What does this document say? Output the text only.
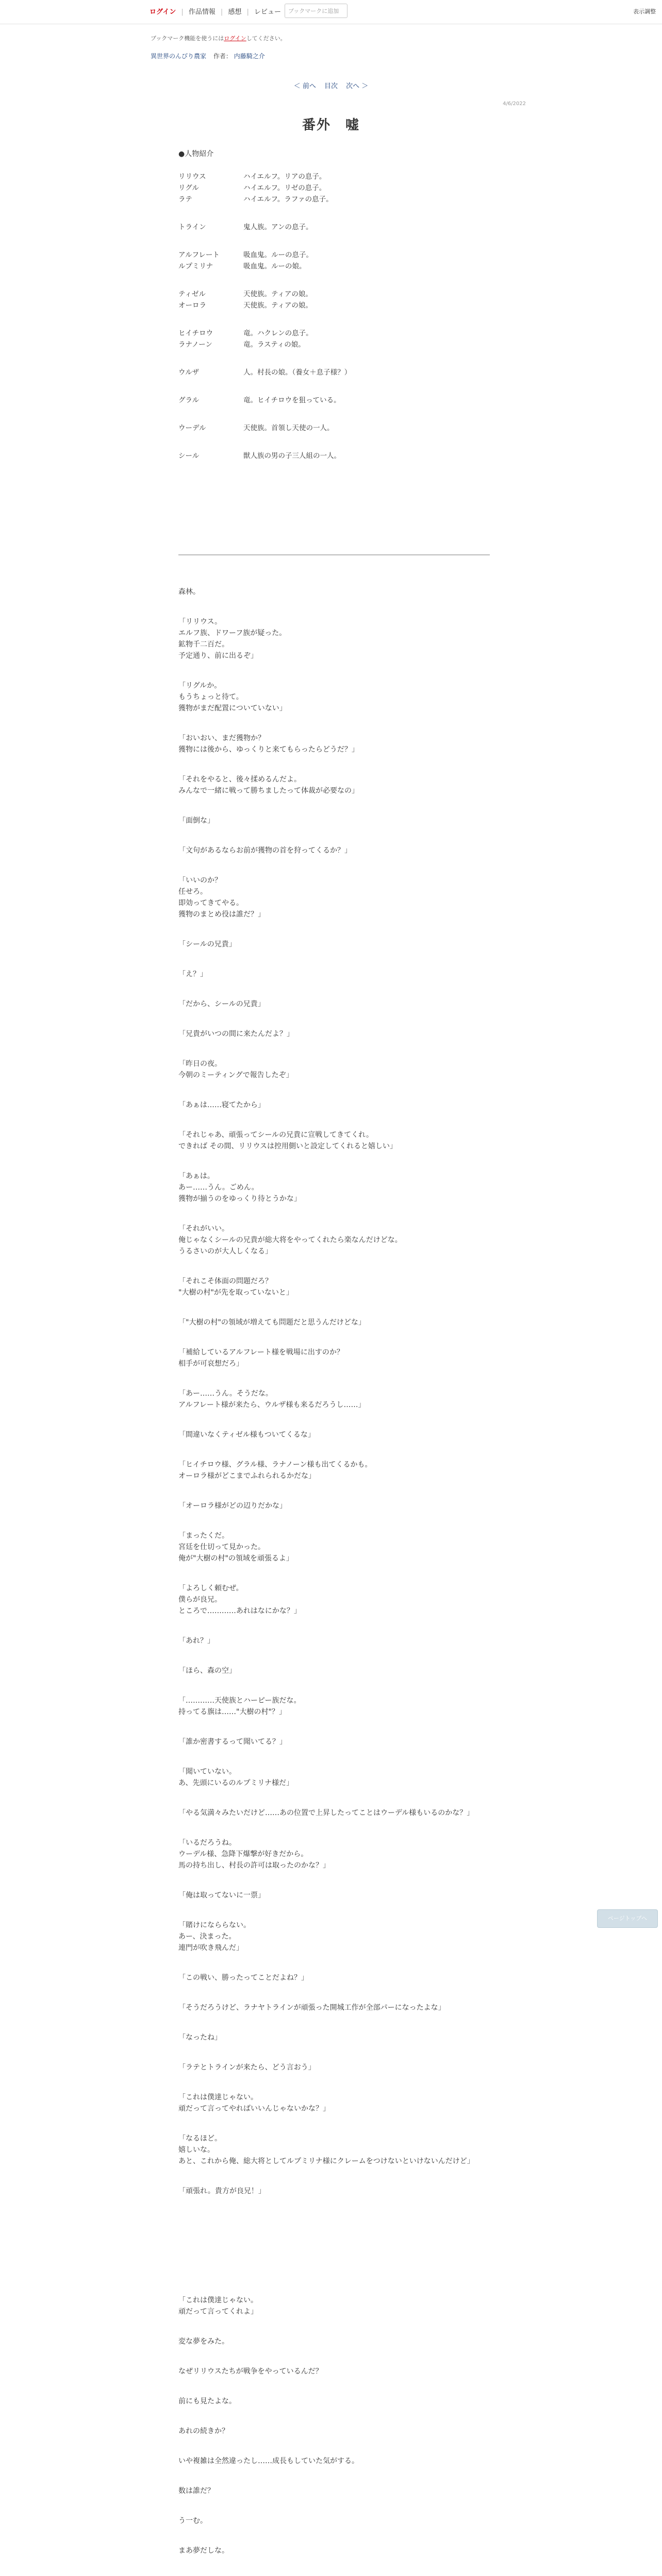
ログイン | 作品情報 | 感想 | レビュー	ブックマークに追加	表示調整
ブックマーク機能を使うにはログインしてください。
異世界のんびり農家 作者： 内藤騎之介
＜ 前へ 目次 次へ ＞
4/6/2022
番外　嘘
●人物紹介
リリウス	ハイエルフ。リアの息子。
リグル	ハイエルフ。リゼの息子。
ラテ	ハイエルフ。ラファの息子。
トライン	鬼人族。アンの息子。
アルフレート	吸血鬼。ルーの息子。
ルプミリナ	吸血鬼。ルーの娘。
ティゼル	天使族。ティアの娘。
オーロラ	天使族。ティアの娘。
ヒイチロウ	竜。ハクレンの息子。
ラナノーン	竜。ラスティの娘。
ウルザ	人。村長の娘。（養女＋息子様？）
グラル	竜。ヒイチロウを狙っている。
ウーデル	天使族。首領し天使の一人。
シール	獣人族の男の子三人組の一人。
森林。
「リリウス。
エルフ族、ドワーフ族が疑った。
鉱物千二百だ。
予定通り、前に出るぞ」
「リグルか。
もうちょっと待て。
獲物がまだ配置についていない」
「おいおい、まだ獲物か？
獲物には後から、ゆっくりと来てもらったらどうだ？」
「それをやると、後々揉めるんだよ。
みんなで一緒に戦って勝ちましたって体裁が必要なの」
「面倒な」
「文句があるならお前が獲物の首を狩ってくるか？」
「いいのか？
任せろ。
即効ってきてやる。
獲物のまとめ役は誰だ？」
「シールの兄貴」
「え？」
「だから、シールの兄貴」
「兄貴がいつの間に来たんだよ？」
「昨日の夜。
今朝のミーティングで報告したぞ」
「あぁは……寝てたから」
「それじゃあ、頑張ってシールの兄貴に宣戦してきてくれ。
できれば その間、リリウスは控用側いと設定してくれると嬉しい」
「あぁは。
あー……うん。ごめん。
獲物が揃うのをゆっくり待とうかな」
「それがいい。
俺じゃなくシールの兄貴が総大将をやってくれたら楽なんだけどな。
うるさいのが大人しくなる」
「それこそ体面の問題だろ？
"大樹の村"が先を取っていないと」
「"大樹の村"の領域が増えても問題だと思うんだけどな」
「補給しているアルフレート様を戦場に出すのか？
相手が可哀想だろ」
「あー……うん。そうだな。
アルフレート様が来たら、ウルザ様も来るだろうし……」
「間違いなくティゼル様もついてくるな」
「ヒイチロウ様、グラル様、ラナノーン様も出てくるかも。
オーロラ様がどこまでふれられるかだな」
「オーロラ様がどの辺りだかな」
「まったくだ。
宮廷を仕切って見かった。
俺が"大樹の村"の領域を頑張るよ」
「よろしく頼むぜ。
僕らが良兄。
ところで…………あれはなにかな？」
「あれ？」
「ほら、森の空」
「…………天使族とハーピー族だな。
持ってる旗は……"大樹の村"？」
「誰か密書するって聞いてる？」
「聞いていない。
あ、先頭にいるのルプミリナ様だ」
「やる気満々みたいだけど……あの位置で上昇したってことはウーデル様もいるのかな？」
「いるだろうね。
ウーデル様、急降下爆撃が好きだから。
馬の持ち出し、村長の許可は取ったのかな？」
「俺は取ってないに一票」
「賭けになららない。
あー、決まった。
連門が吹き飛んだ」
「この戦い、勝ったってことだよね？」
「そうだろうけど、ラナヤトラインが頑張った開城工作が全部パーになったよな」
「なったね」
「ラテとトラインが来たら、どう言おう」
「これは僕達じゃない。
頑だって言ってやればいいんじゃないかな？」
「なるほど。
嬉しいな。
あと、これから俺、総大将としてルプミリナ様にクレームをつけないといけないんだけど」
「頑張れ。貴方が良兄！」
「これは僕達じゃない。
頑だって言ってくれよ」
変な夢をみた。
なぜリリウスたちが戦争をやっているんだ？
前にも見たよな。
あれの続きか？
いや複雑は全然違ったし……成長もしていた気がする。
数は誰だ？
う一む。
まあ夢だしな。
ページトップへ
